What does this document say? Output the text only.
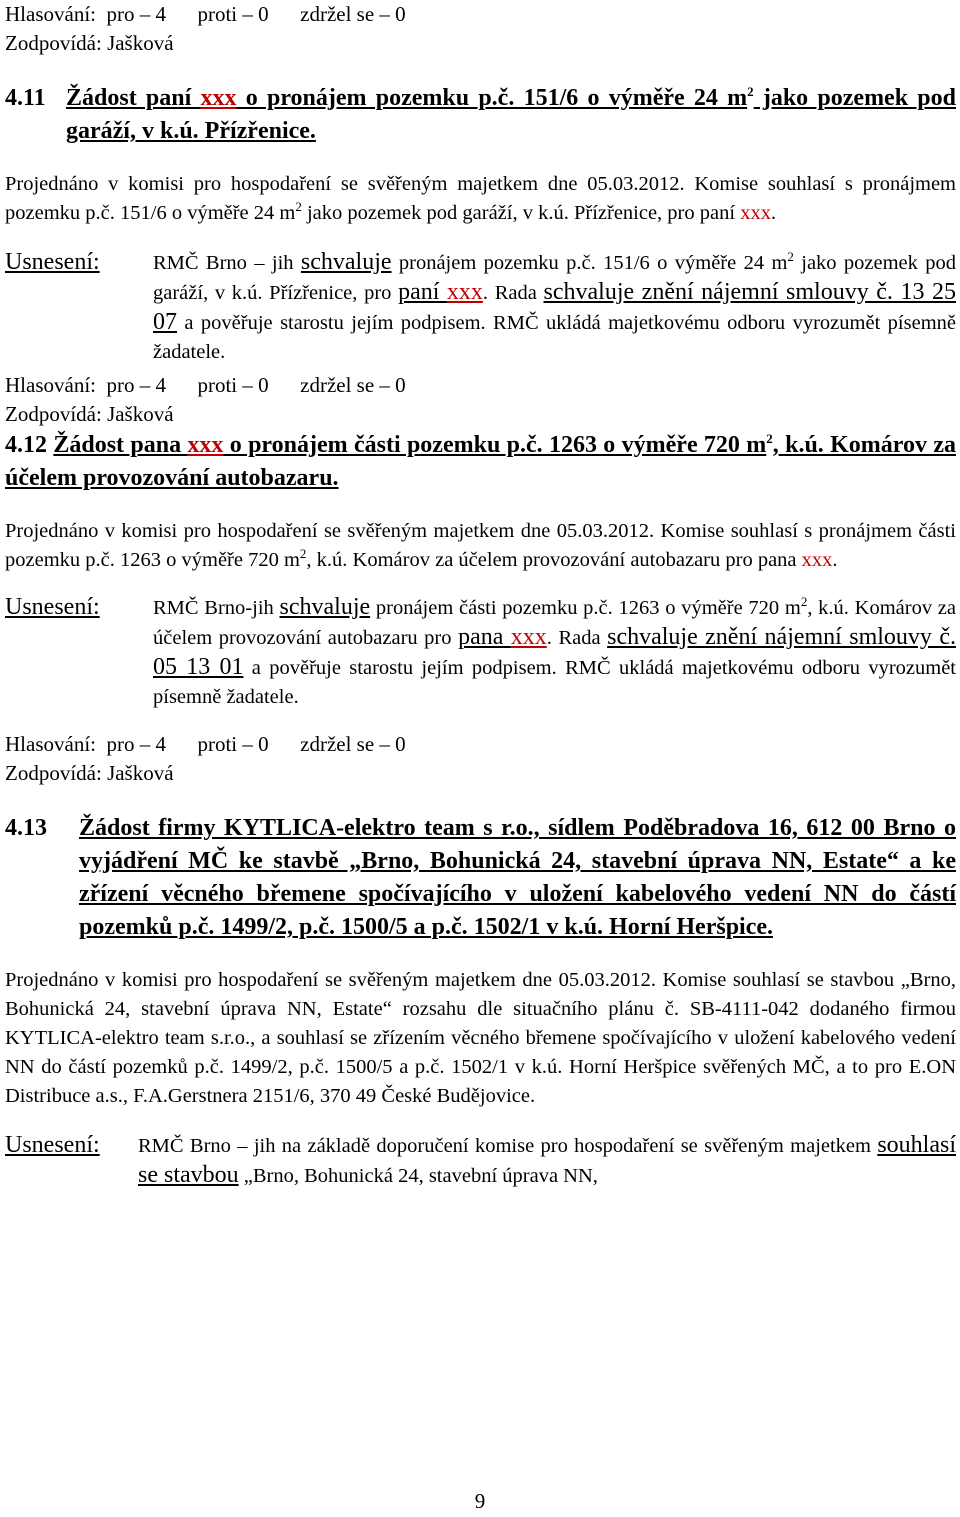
Hlasování:  pro – 4      proti – 0      zdržel se – 0

Zodpovídá: Jašková

4.11 Žádost paní xxx o pronájem pozemku p.č. 151/6 o výměře 24 $m^2$ jako pozemek pod garáží, v k.ú. Přízřenice.

Projednáno v komisi pro hospodaření se svěřeným majetkem dne 05.03.2012. Komise souhlasí s pronájmem pozemku p.č. 151/6 o výměře 24 $m^2$ jako pozemek pod garáží, v k.ú. Přízřenice, pro paní xxx.

Usnesení:	RMČ Brno – jih schvaluje pronájem pozemku p.č. 151/6 o výměře 24 $m^2$ jako pozemek pod garáží, v k.ú. Přízřenice, pro paní xxx. Rada schvaluje znění nájemní smlouvy č. 13 25 07 a pověřuje starostu jejím podpisem. RMČ ukládá majetkovému odboru vyrozumět písemně žadatele.

Hlasování:  pro – 4      proti – 0      zdržel se – 0

Zodpovídá: Jašková

4.12 Žádost pana xxx o pronájem části pozemku p.č. 1263 o výměře 720 $m^2$, k.ú. Komárov za účelem provozování autobazaru.

Projednáno v komisi pro hospodaření se svěřeným majetkem dne 05.03.2012. Komise souhlasí s pronájmem části pozemku p.č. 1263 o výměře 720 $m^2$, k.ú. Komárov za účelem provozování autobazaru pro pana xxx.

Usnesení:	RMČ Brno-jih schvaluje pronájem části pozemku p.č. 1263 o výměře 720 $m^2$, k.ú. Komárov za účelem provozování autobazaru pro pana xxx. Rada schvaluje znění nájemní smlouvy č. 05 13 01 a pověřuje starostu jejím podpisem. RMČ ukládá majetkovému odboru vyrozumět písemně žadatele.

Hlasování:  pro – 4      proti – 0      zdržel se – 0

Zodpovídá: Jašková

4.13	Žádost firmy KYTLICA-elektro team s r.o., sídlem Poděbradova 16, 612 00 Brno o vyjádření MČ ke stavbě „Brno, Bohunická 24, stavební úprava NN, Estate“ a ke zřízení věcného břemene spočívajícího v uložení kabelového vedení NN do částí pozemků p.č. 1499/2, p.č. 1500/5 a p.č. 1502/1 v k.ú. Horní Heršpice.

Projednáno v komisi pro hospodaření se svěřeným majetkem dne 05.03.2012. Komise souhlasí se stavbou „Brno, Bohunická 24, stavební úprava NN, Estate“ rozsahu dle situačního plánu č. SB-4111-042 dodaného firmou KYTLICA-elektro team s.r.o., a souhlasí se zřízením věcného břemene spočívajícího v uložení kabelového vedení NN do částí pozemků p.č. 1499/2, p.č. 1500/5 a p.č. 1502/1 v k.ú. Horní Heršpice svěřených MČ, a to pro E.ON Distribuce a.s., F.A.Gerstnera 2151/6, 370 49 České Budějovice.

Usnesení:	RMČ Brno – jih na základě doporučení komise pro hospodaření se svěřeným majetkem souhlasí se stavbou „Brno, Bohunická 24, stavební úprava NN,

9
